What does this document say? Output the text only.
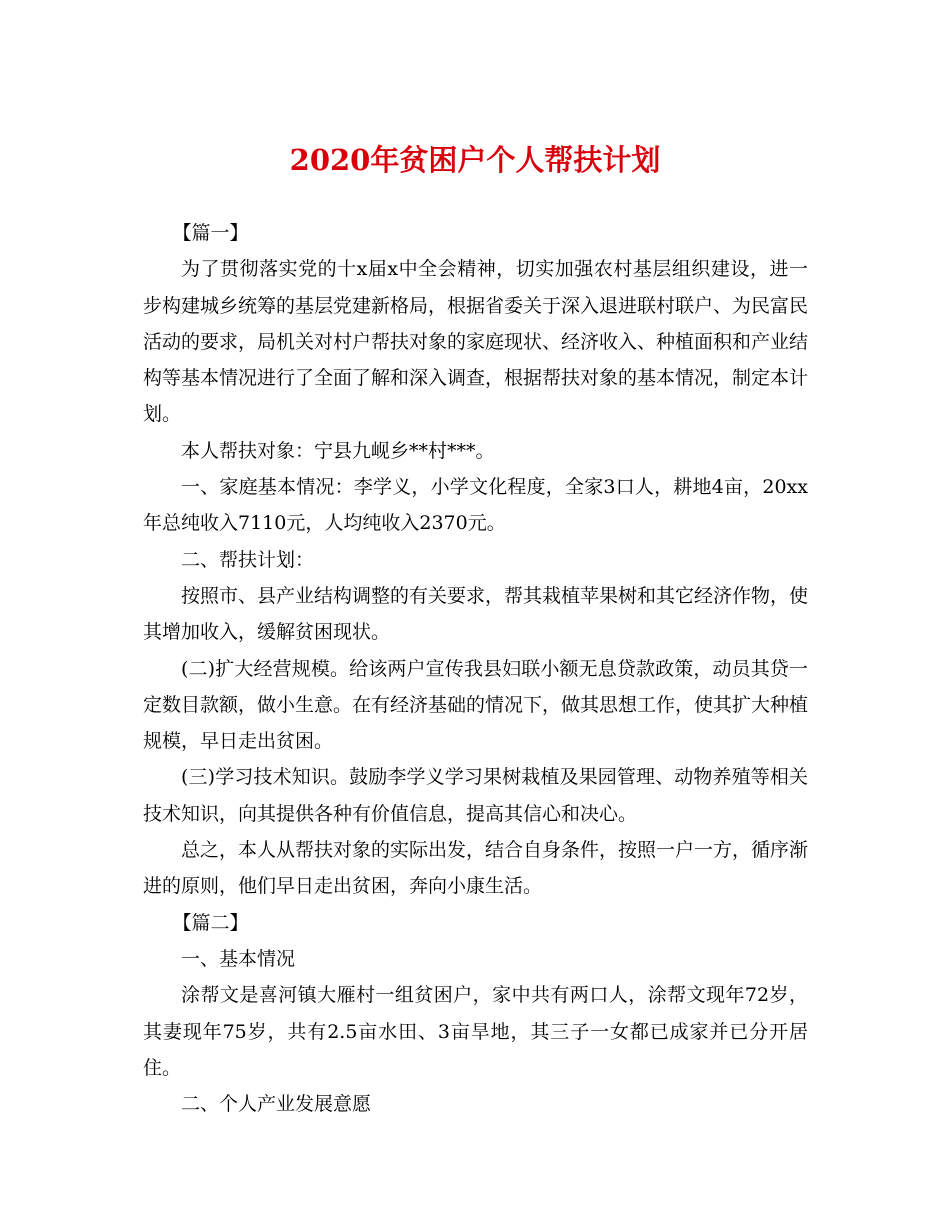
2020年贫困户个人帮扶计划

【篇一】

为了贯彻落实党的十x届x中全会精神，切实加强农村基层组织建设，进一步构建城乡统筹的基层党建新格局，根据省委关于深入退进联村联户、为民富民活动的要求，局机关对村户帮扶对象的家庭现状、经济收入、种植面积和产业结构等基本情况进行了全面了解和深入调查，根据帮扶对象的基本情况，制定本计划。

本人帮扶对象：宁县九岘乡**村***。

一、家庭基本情况：李学义，小学文化程度，全家3口人，耕地4亩，20xx年总纯收入7110元，人均纯收入2370元。

二、帮扶计划：

按照市、县产业结构调整的有关要求，帮其栽植苹果树和其它经济作物，使其增加收入，缓解贫困现状。

(二)扩大经营规模。给该两户宣传我县妇联小额无息贷款政策，动员其贷一定数目款额，做小生意。在有经济基础的情况下，做其思想工作，使其扩大种植规模，早日走出贫困。

(三)学习技术知识。鼓励李学义学习果树栽植及果园管理、动物养殖等相关技术知识，向其提供各种有价值信息，提高其信心和决心。

总之，本人从帮扶对象的实际出发，结合自身条件，按照一户一方，循序渐进的原则，他们早日走出贫困，奔向小康生活。

【篇二】

一、基本情况

涂帮文是喜河镇大雁村一组贫困户，家中共有两口人，涂帮文现年72岁，其妻现年75岁，共有2.5亩水田、3亩旱地，其三子一女都已成家并已分开居住。

二、个人产业发展意愿
